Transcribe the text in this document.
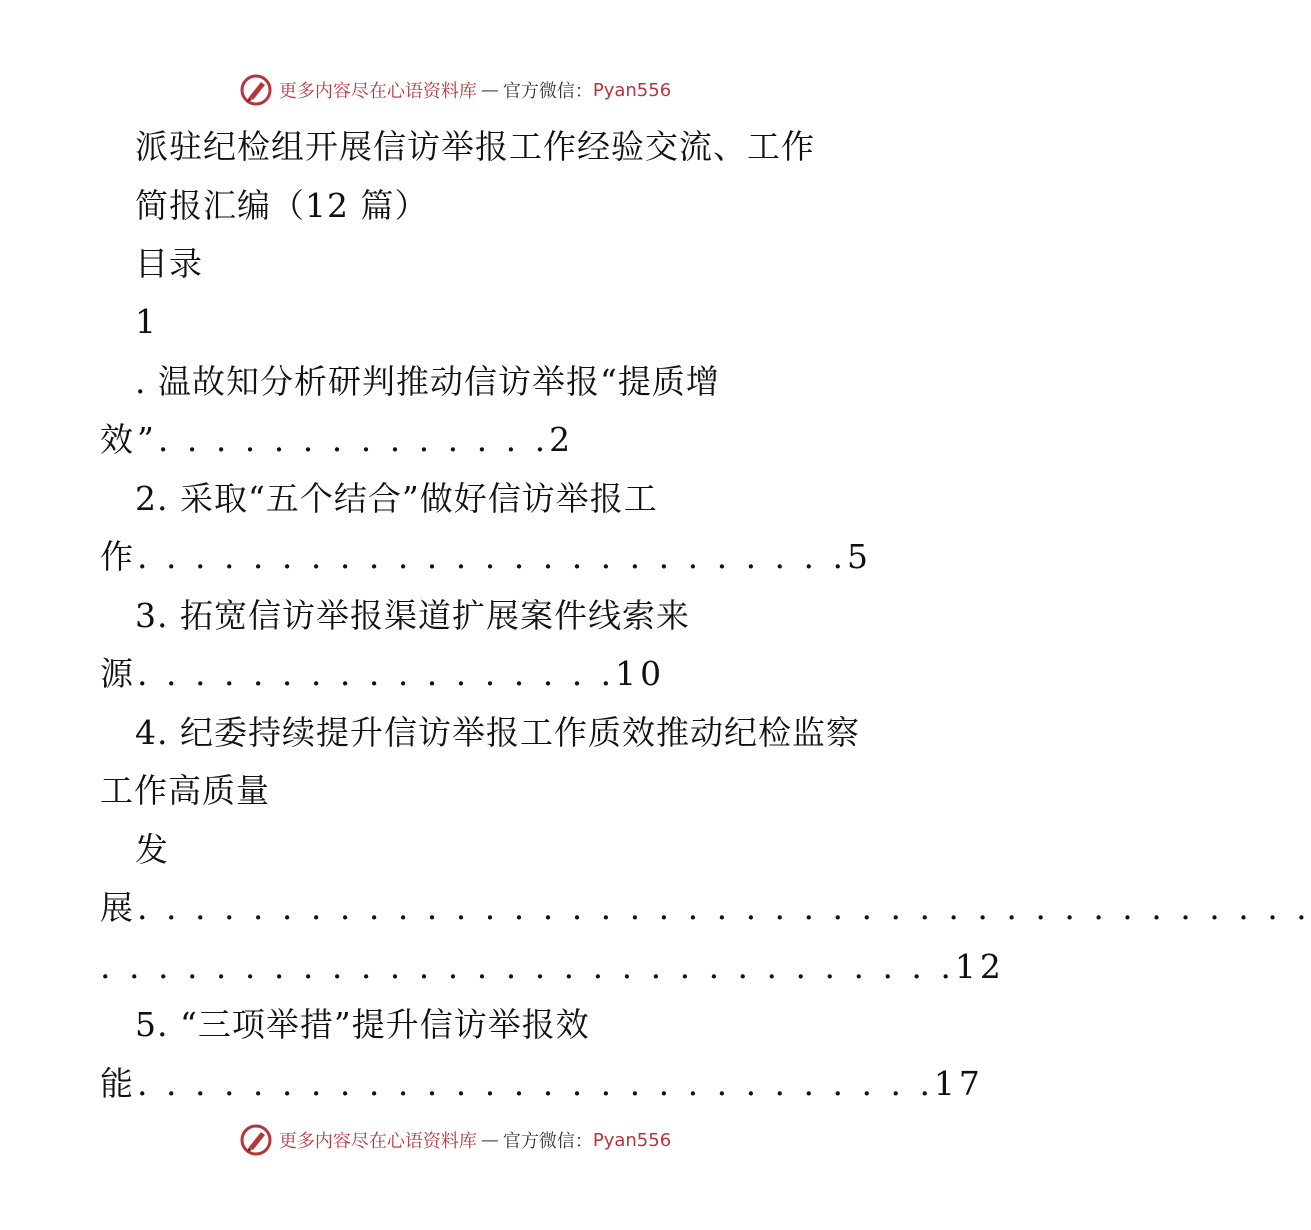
更多内容尽在心语资料库 — 官方微信： Pyan556
派驻纪检组开展信访举报工作经验交流、工作
简报汇编（12 篇）
目录
1
. 温故知分析研判推动信访举报“提质增
效”. . . . . . . . . . . . . .2
2. 采取“五个结合”做好信访举报工
作. . . . . . . . . . . . . . . . . . . . . . . . .5
3. 拓宽信访举报渠道扩展案件线索来
源. . . . . . . . . . . . . . . . .10
4. 纪委持续提升信访举报工作质效推动纪检监察
工作高质量
发
展. . . . . . . . . . . . . . . . . . . . . . . . . . . . . . . . . . . . . . . . .
. . . . . . . . . . . . . . . . . . . . . . . . . . . . . .12
5. “三项举措”提升信访举报效
能. . . . . . . . . . . . . . . . . . . . . . . . . . . .17
更多内容尽在心语资料库 — 官方微信： Pyan556
